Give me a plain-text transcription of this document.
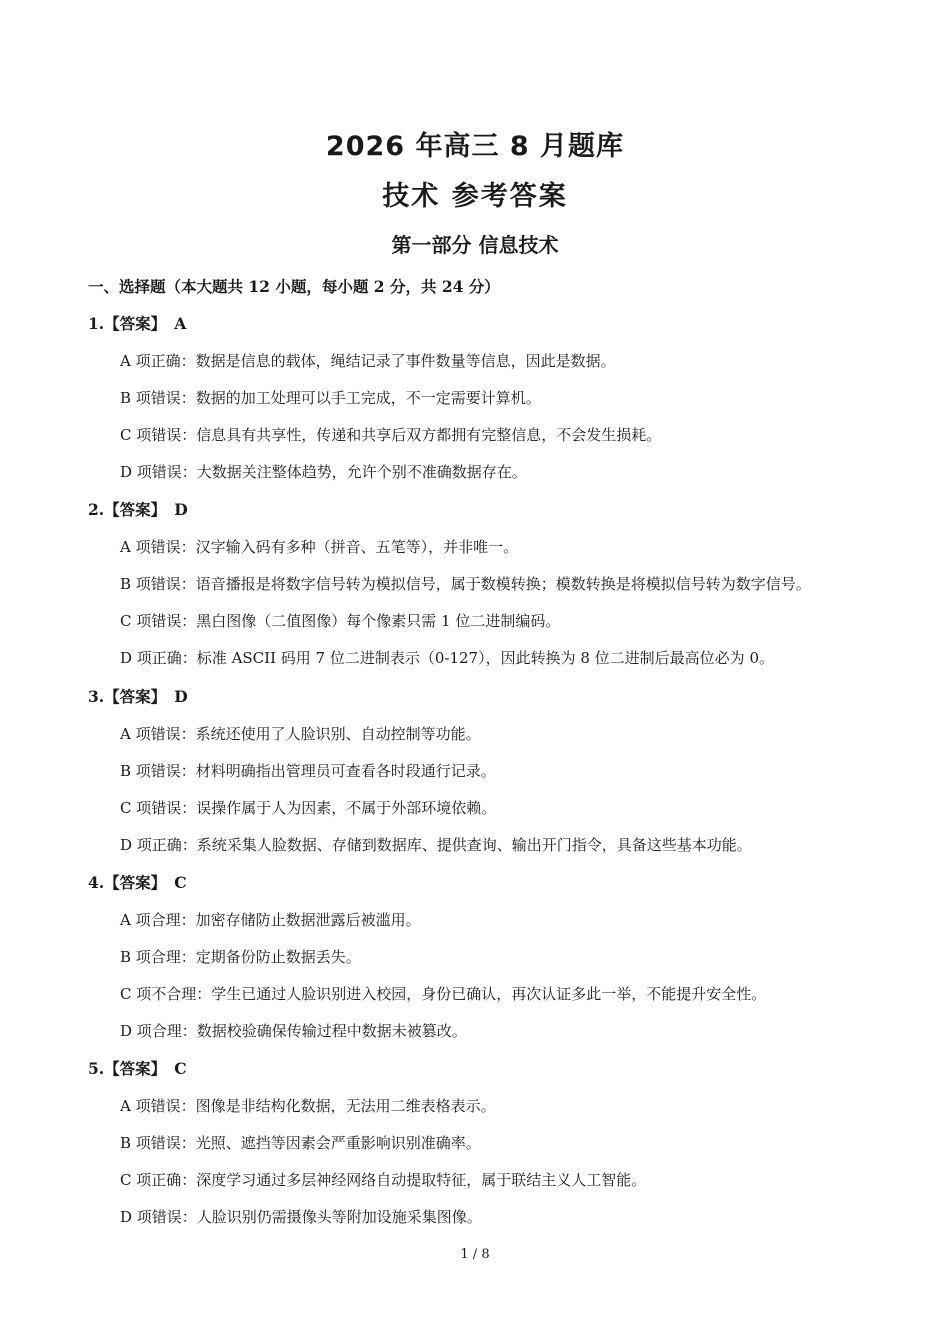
2026 年高三 8 月题库
技术 参考答案
第一部分 信息技术
一、选择题（本大题共 12 小题，每小题 2 分，共 24 分）
1.【答案】 A
A 项正确：数据是信息的载体，绳结记录了事件数量等信息，因此是数据。
B 项错误：数据的加工处理可以手工完成，不一定需要计算机。
C 项错误：信息具有共享性，传递和共享后双方都拥有完整信息，不会发生损耗。
D 项错误：大数据关注整体趋势，允许个别不准确数据存在。
2.【答案】 D
A 项错误：汉字输入码有多种（拼音、五笔等），并非唯一。
B 项错误：语音播报是将数字信号转为模拟信号，属于数模转换；模数转换是将模拟信号转为数字信号。
C 项错误：黑白图像（二值图像）每个像素只需 1 位二进制编码。
D 项正确：标准 ASCII 码用 7 位二进制表示（0-127），因此转换为 8 位二进制后最高位必为 0。
3.【答案】 D
A 项错误：系统还使用了人脸识别、自动控制等功能。
B 项错误：材料明确指出管理员可查看各时段通行记录。
C 项错误：误操作属于人为因素，不属于外部环境依赖。
D 项正确：系统采集人脸数据、存储到数据库、提供查询、输出开门指令，具备这些基本功能。
4.【答案】 C
A 项合理：加密存储防止数据泄露后被滥用。
B 项合理：定期备份防止数据丢失。
C 项不合理：学生已通过人脸识别进入校园，身份已确认，再次认证多此一举，不能提升安全性。
D 项合理：数据校验确保传输过程中数据未被篡改。
5.【答案】 C
A 项错误：图像是非结构化数据，无法用二维表格表示。
B 项错误：光照、遮挡等因素会严重影响识别准确率。
C 项正确：深度学习通过多层神经网络自动提取特征，属于联结主义人工智能。
D 项错误：人脸识别仍需摄像头等附加设施采集图像。
1 / 8
